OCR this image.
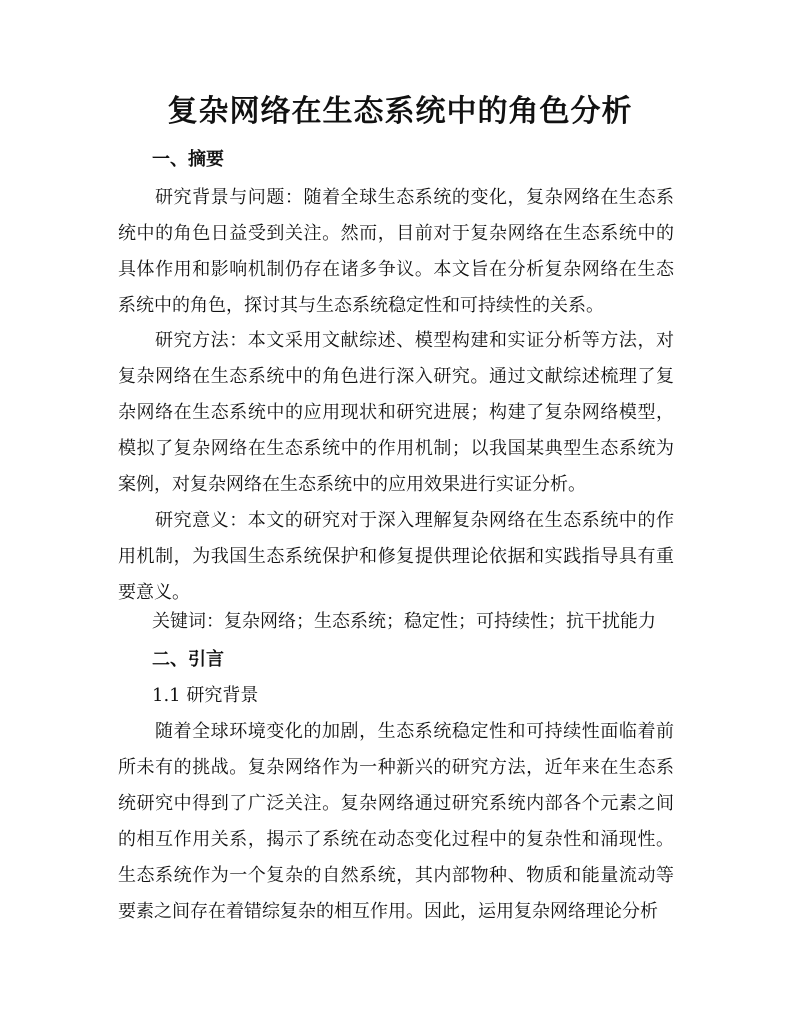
复杂网络在生态系统中的角色分析
一、摘要

研究背景与问题：随着全球生态系统的变化，复杂网络在生态系统中的角色日益受到关注。然而，目前对于复杂网络在生态系统中的具体作用和影响机制仍存在诸多争议。本文旨在分析复杂网络在生态系统中的角色，探讨其与生态系统稳定性和可持续性的关系。

研究方法：本文采用文献综述、模型构建和实证分析等方法，对复杂网络在生态系统中的角色进行深入研究。通过文献综述梳理了复杂网络在生态系统中的应用现状和研究进展；构建了复杂网络模型，模拟了复杂网络在生态系统中的作用机制；以我国某典型生态系统为案例，对复杂网络在生态系统中的应用效果进行实证分析。

研究意义：本文的研究对于深入理解复杂网络在生态系统中的作用机制，为我国生态系统保护和修复提供理论依据和实践指导具有重要意义。

关键词：复杂网络；生态系统；稳定性；可持续性；抗干扰能力
二、引言
1.1 研究背景

随着全球环境变化的加剧，生态系统稳定性和可持续性面临着前所未有的挑战。复杂网络作为一种新兴的研究方法，近年来在生态系统研究中得到了广泛关注。复杂网络通过研究系统内部各个元素之间的相互作用关系，揭示了系统在动态变化过程中的复杂性和涌现性。生态系统作为一个复杂的自然系统，其内部物种、物质和能量流动等要素之间存在着错综复杂的相互作用。因此，运用复杂网络理论分析
